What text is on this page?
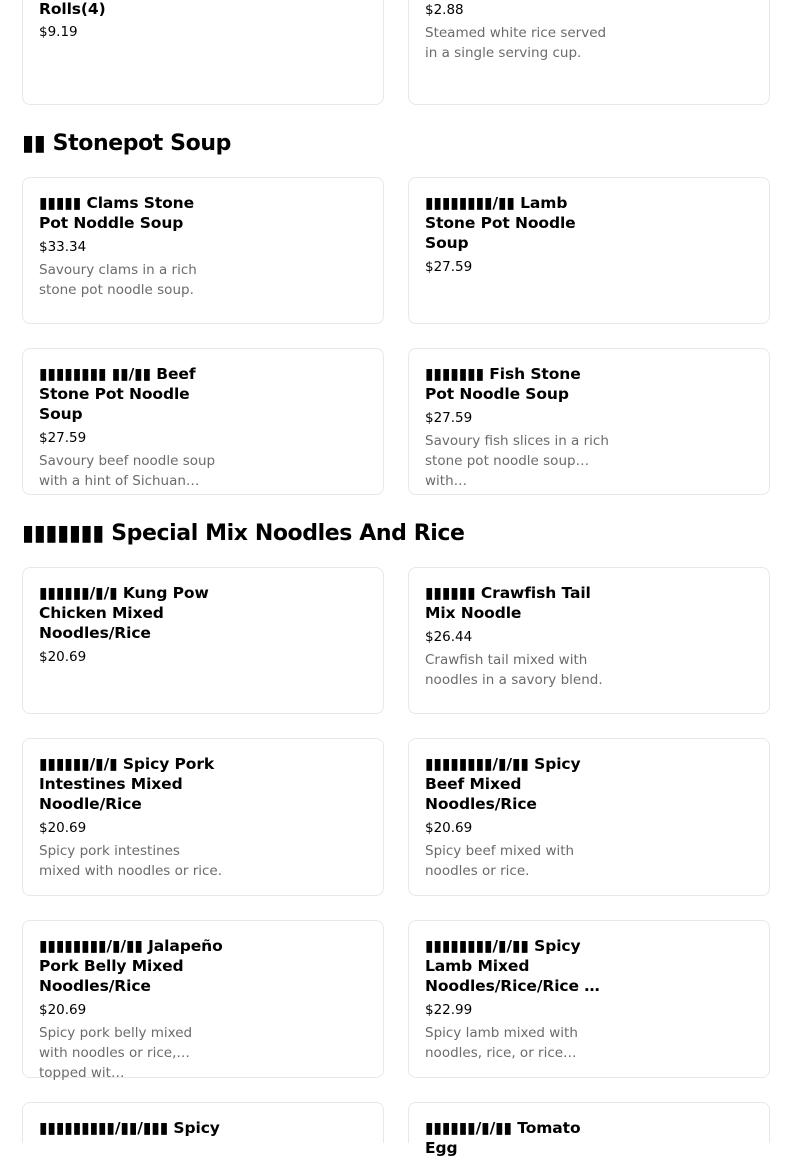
Rolls(4)
$9.19
$2.88
Steamed white rice served in a single serving cup.
▮▮ Stonepot Soup
▮▮▮▮▮ Clams Stone Pot Noddle Soup
$33.34
Savoury clams in a rich stone pot noodle soup.
▮▮▮▮▮▮▮▮/▮▮ Lamb Stone Pot Noodle Soup
$27.59
▮▮▮▮▮▮▮▮ ▮▮/▮▮ Beef Stone Pot Noodle Soup
$27.59
Savoury beef noodle soup with a hint of Sichuan…
▮▮▮▮▮▮▮ Fish Stone Pot Noodle Soup
$27.59
Savoury fish slices in a rich stone pot noodle soup with…
▮▮▮▮▮▮▮ Special Mix Noodles And Rice
▮▮▮▮▮▮/▮/▮ Kung Pow Chicken Mixed Noodles/Rice
$20.69
▮▮▮▮▮▮ Crawfish Tail Mix Noodle
$26.44
Crawfish tail mixed with noodles in a savory blend.
▮▮▮▮▮▮/▮/▮ Spicy Pork Intestines Mixed Noodle/Rice
$20.69
Spicy pork intestines mixed with noodles or rice.
▮▮▮▮▮▮▮▮/▮/▮▮ Spicy Beef Mixed Noodles/Rice
$20.69
Spicy beef mixed with noodles or rice.
▮▮▮▮▮▮▮▮/▮/▮▮ Jalapeño Pork Belly Mixed Noodles/Rice
$20.69
Spicy pork belly mixed with noodles or rice, topped wit…
▮▮▮▮▮▮▮▮/▮/▮▮ Spicy Lamb Mixed Noodles/Rice/Rice …
$22.99
Spicy lamb mixed with noodles, rice, or rice…
▮▮▮▮▮▮▮▮▮/▮▮/▮▮▮ Spicy	▮▮▮▮▮▮/▮/▮▮ Tomato Egg
